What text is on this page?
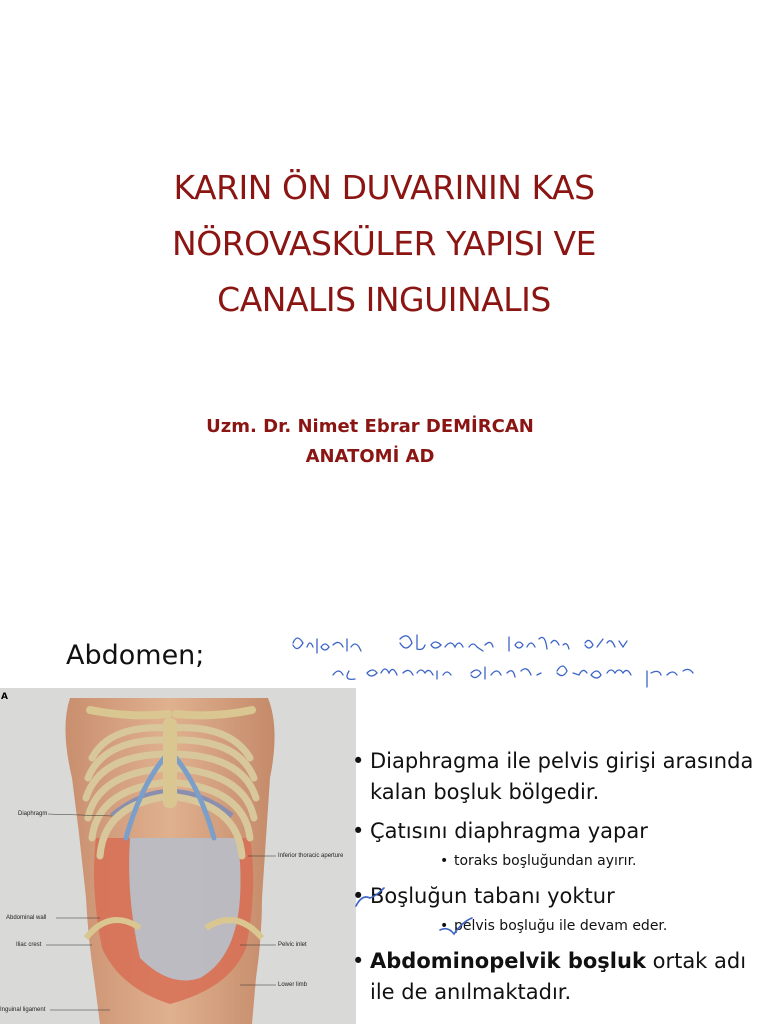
KARIN ÖN DUVARININ KAS
NÖROVASKÜLER YAPISI VE
CANALIS INGUINALIS
Uzm. Dr. Nimet Ebrar DEMİRCAN
ANATOMİ AD
Abdomen;
A
Diaphragm
Inferior thoracic aperture
Abdominal wall
Iliac crest	Pelvic inlet
Lower limb
Inguinal ligament
• Diaphragma ile pelvis girişi arasında kalan boşluk bölgedir.
• Çatısını diaphragma yapar
• toraks boşluğundan ayırır.
• Boşluğun tabanı yoktur
• pelvis boşluğu ile devam eder.
• Abdominopelvik boşluk ortak adı ile de anılmaktadır.
